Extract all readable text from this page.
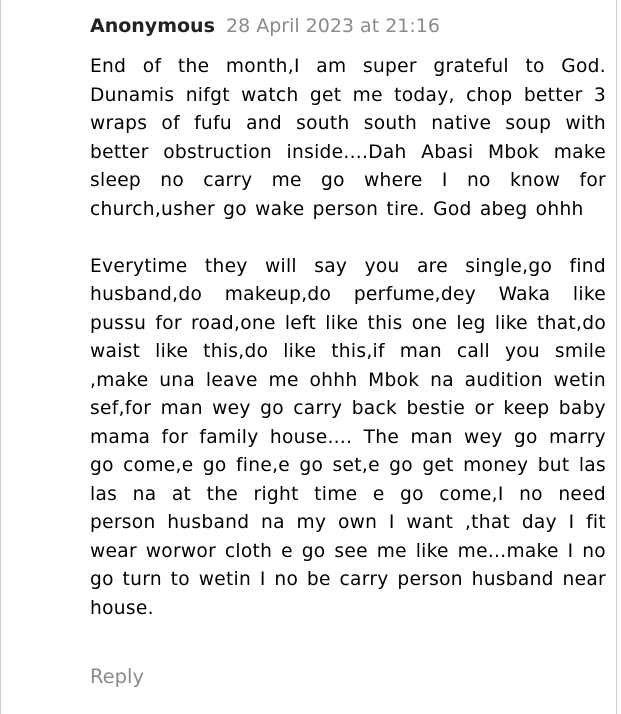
Anonymous 28 April 2023 at 21:16

End of the month,I am super grateful to God. Dunamis nifgt watch get me today, chop better 3 wraps of fufu and south south native soup with better obstruction inside....Dah Abasi Mbok make sleep no carry me go where I no know for church,usher go wake person tire. God abeg ohhh

Everytime they will say you are single,go find husband,do makeup,do perfume,dey Waka like pussu for road,one left like this one leg like that,do waist like this,do like this,if man call you smile ,make una leave me ohhh Mbok na audition wetin sef,for man wey go carry back bestie or keep baby mama for family house.... The man wey go marry go come,e go fine,e go set,e go get money but las las na at the right time e go come,I no need person husband na my own I want ,that day I fit wear worwor cloth e go see me like me...make I no go turn to wetin I no be carry person husband near house.

Reply
